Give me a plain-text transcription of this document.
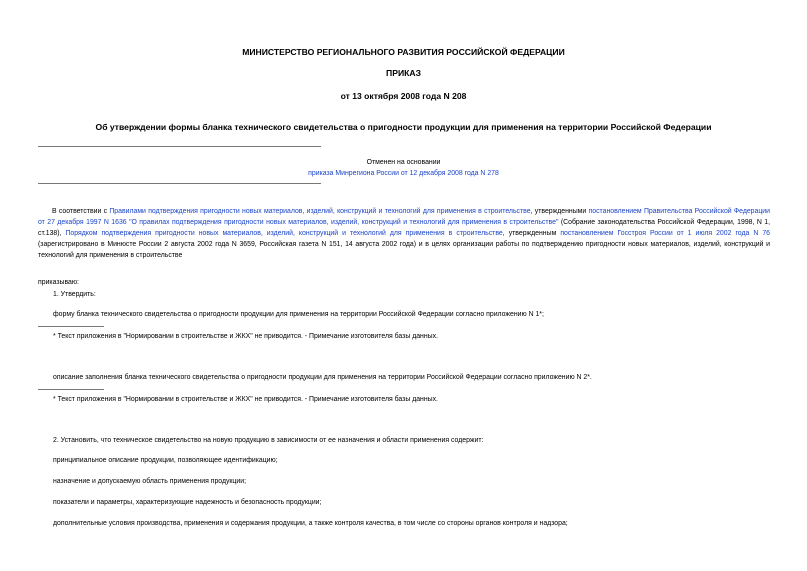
МИНИСТЕРСТВО РЕГИОНАЛЬНОГО РАЗВИТИЯ РОССИЙСКОЙ ФЕДЕРАЦИИ
ПРИКАЗ
от 13 октября 2008 года N 208
Об утверждении формы бланка технического свидетельства о пригодности продукции для применения на территории Российской Федерации
Отменен на основании
приказа Минрегиона России от 12 декабря 2008 года N 278
В соответствии с Правилами подтверждения пригодности новых материалов, изделий, конструкций и технологий для применения в строительстве, утвержденными постановлением Правительства Российской Федерации от 27 декабря 1997 N 1636 "О правилах подтверждения пригодности новых материалов, изделий, конструкций и технологий для применения в строительстве" (Собрание законодательства Российской Федерации, 1998, N 1, ст.138), Порядком подтверждения пригодности новых материалов, изделий, конструкций и технологий для применения в строительстве, утвержденным постановлением Госстроя России от 1 июля 2002 года N 76 (зарегистрировано в Минюсте России 2 августа 2002 года N 3659, Российская газета N 151, 14 августа 2002 года) и в целях организации работы по подтверждению пригодности новых материалов, изделий, конструкций и технологий для применения в строительстве
приказываю:
1. Утвердить:
форму бланка технического свидетельства о пригодности продукции для применения на территории Российской Федерации согласно приложению N 1*;
* Текст приложения в "Нормировании в строительстве и ЖКХ" не приводится. - Примечание изготовителя базы данных.
описание заполнения бланка технического свидетельства о пригодности продукции для применения на территории Российской Федерации согласно приложению N 2*.
* Текст приложения в "Нормировании в строительстве и ЖКХ" не приводится. - Примечание изготовителя базы данных.
2. Установить, что техническое свидетельство на новую продукцию в зависимости от ее назначения и области применения содержит:
принципиальное описание продукции, позволяющее идентификацию;
назначение и допускаемую область применения продукции;
показатели и параметры, характеризующие надежность и безопасность продукции;
дополнительные условия производства, применения и содержания продукции, а также контроля качества, в том числе со стороны органов контроля и надзора;
